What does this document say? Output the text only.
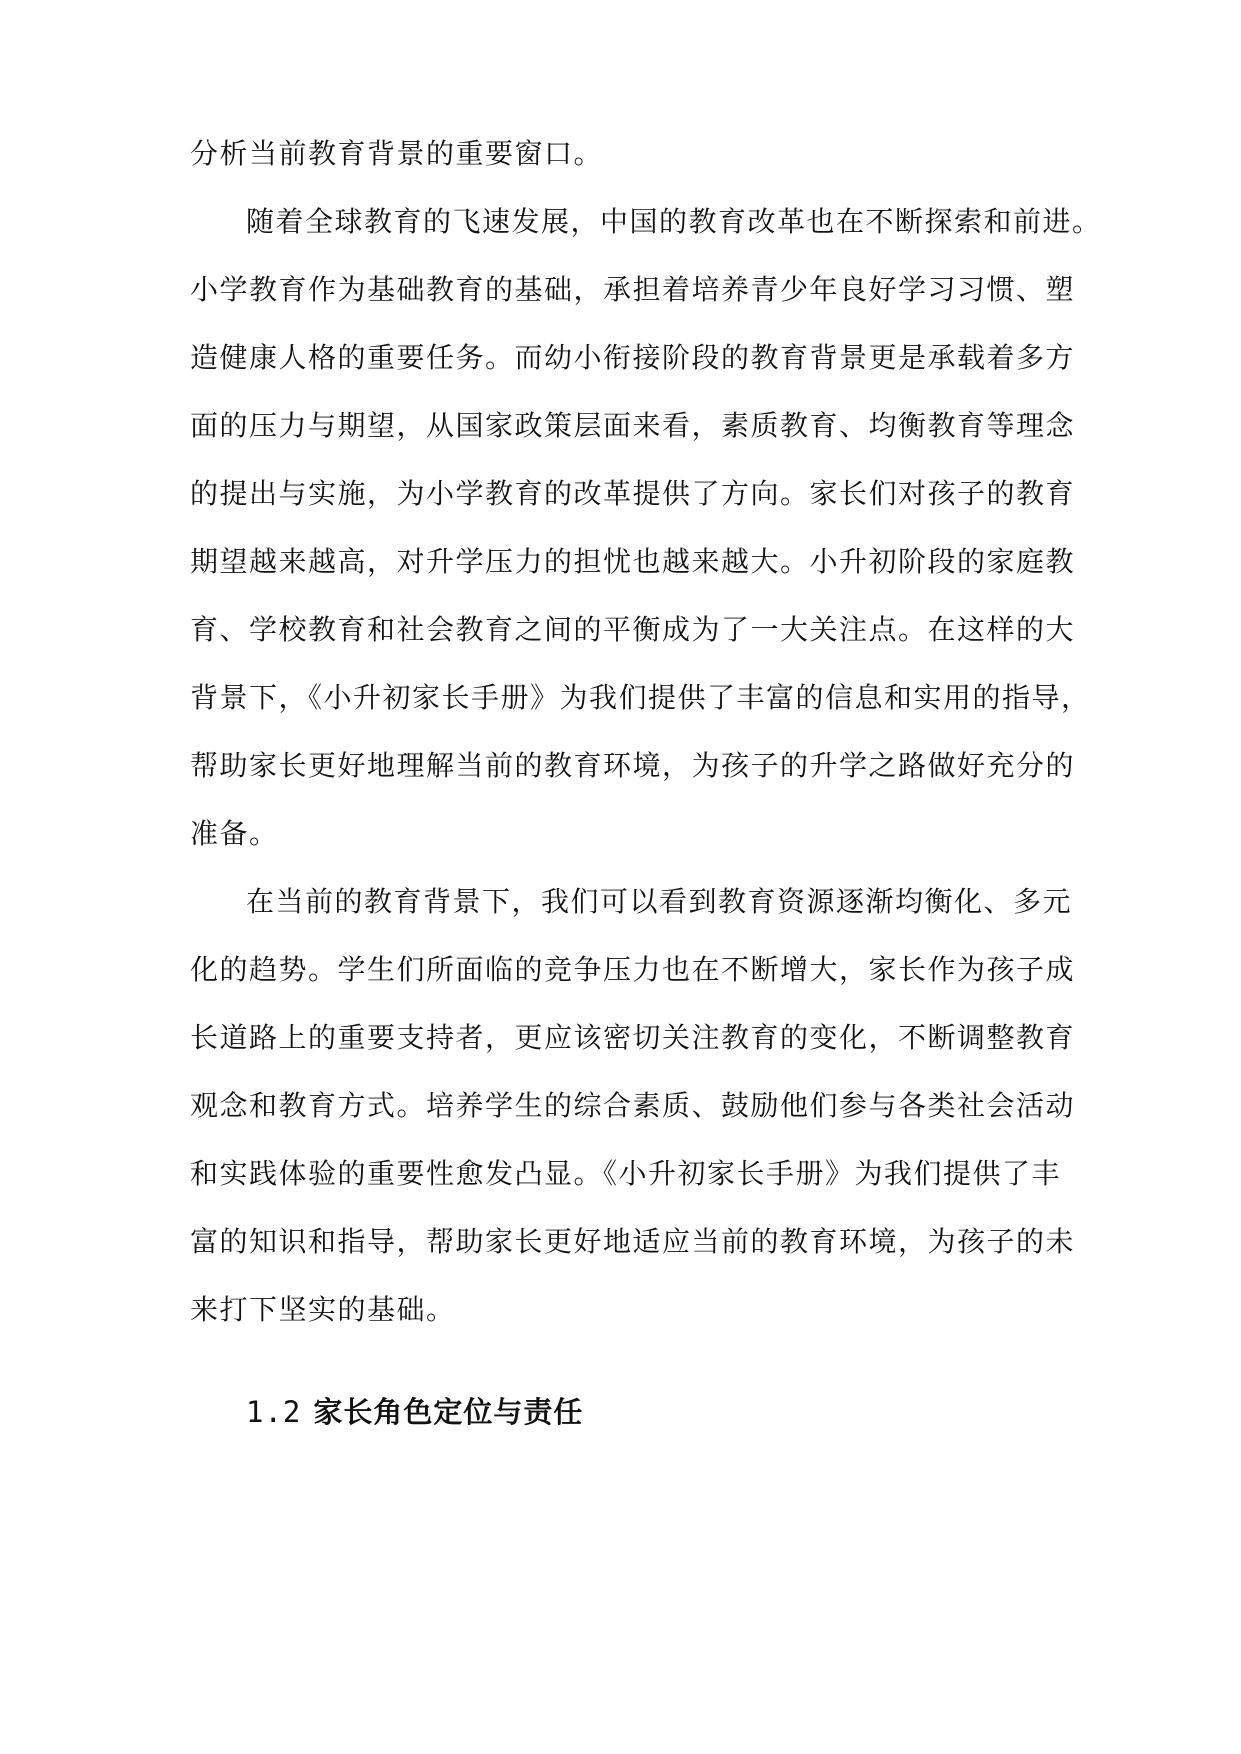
分析当前教育背景的重要窗口。
随着全球教育的飞速发展，中国的教育改革也在不断探索和前进。
小学教育作为基础教育的基础，承担着培养青少年良好学习习惯、塑
造健康人格的重要任务。而幼小衔接阶段的教育背景更是承载着多方
面的压力与期望，从国家政策层面来看，素质教育、均衡教育等理念
的提出与实施，为小学教育的改革提供了方向。家长们对孩子的教育
期望越来越高，对升学压力的担忧也越来越大。小升初阶段的家庭教
育、学校教育和社会教育之间的平衡成为了一大关注点。在这样的大
背景下，《小升初家长手册》为我们提供了丰富的信息和实用的指导，
帮助家长更好地理解当前的教育环境，为孩子的升学之路做好充分的
准备。
在当前的教育背景下，我们可以看到教育资源逐渐均衡化、多元
化的趋势。学生们所面临的竞争压力也在不断增大，家长作为孩子成
长道路上的重要支持者，更应该密切关注教育的变化，不断调整教育
观念和教育方式。培养学生的综合素质、鼓励他们参与各类社会活动
和实践体验的重要性愈发凸显。《小升初家长手册》为我们提供了丰
富的知识和指导，帮助家长更好地适应当前的教育环境，为孩子的未
来打下坚实的基础。
1.2 家长角色定位与责任
